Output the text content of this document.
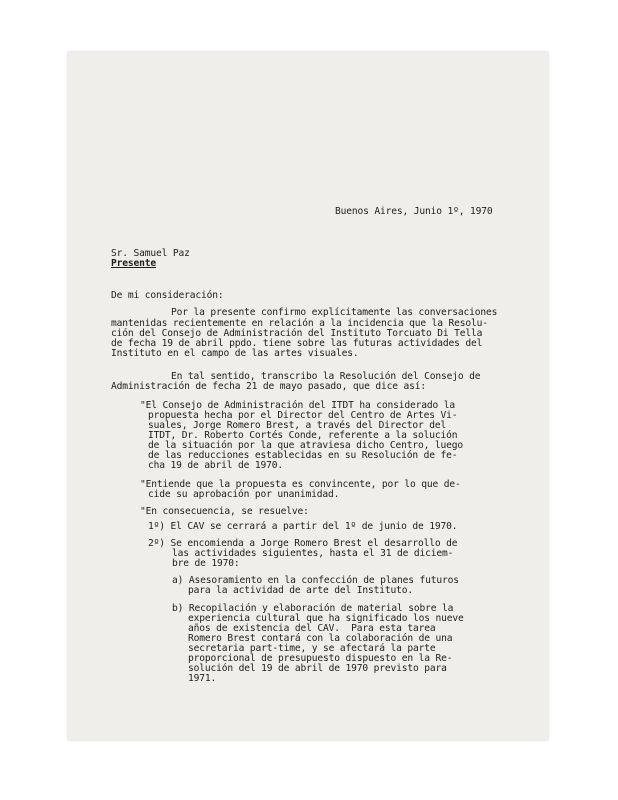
Buenos Aires, Junio 1º, 1970
Sr. Samuel Paz
Presente
De mi consideración:
Por la presente confirmo explícitamente las conversaciones
mantenidas recientemente en relación a la incidencia que la Resolu-
ción del Consejo de Administración del Instituto Torcuato Di Tella
de fecha 19 de abril ppdo. tiene sobre las futuras actividades del
Instituto en el campo de las artes visuales.
En tal sentido, transcribo la Resolución del Consejo de
Administración de fecha 21 de mayo pasado, que dice así:
"El Consejo de Administración del ITDT ha considerado la
propuesta hecha por el Director del Centro de Artes Vi-
suales, Jorge Romero Brest, a través del Director del
ITDT, Dr. Roberto Cortés Conde, referente a la solución
de la situación por la que atraviesa dicho Centro, luego
de las reducciones establecidas en su Resolución de fe-
cha 19 de abril de 1970.
"Entiende que la propuesta es convincente, por lo que de-
cide su aprobación por unanimidad.
"En consecuencia, se resuelve:
1º) El CAV se cerrará a partir del 1º de junio de 1970.
2º) Se encomienda a Jorge Romero Brest el desarrollo de
las actividades siguientes, hasta el 31 de diciem-
bre de 1970:
a) Asesoramiento en la confección de planes futuros
para la actividad de arte del Instituto.
b) Recopilación y elaboración de material sobre la
experiencia cultural que ha significado los nueve
años de existencia del CAV.  Para esta tarea
Romero Brest contará con la colaboración de una
secretaria part-time, y se afectará la parte
proporcional de presupuesto dispuesto en la Re-
solución del 19 de abril de 1970 previsto para
1971.
